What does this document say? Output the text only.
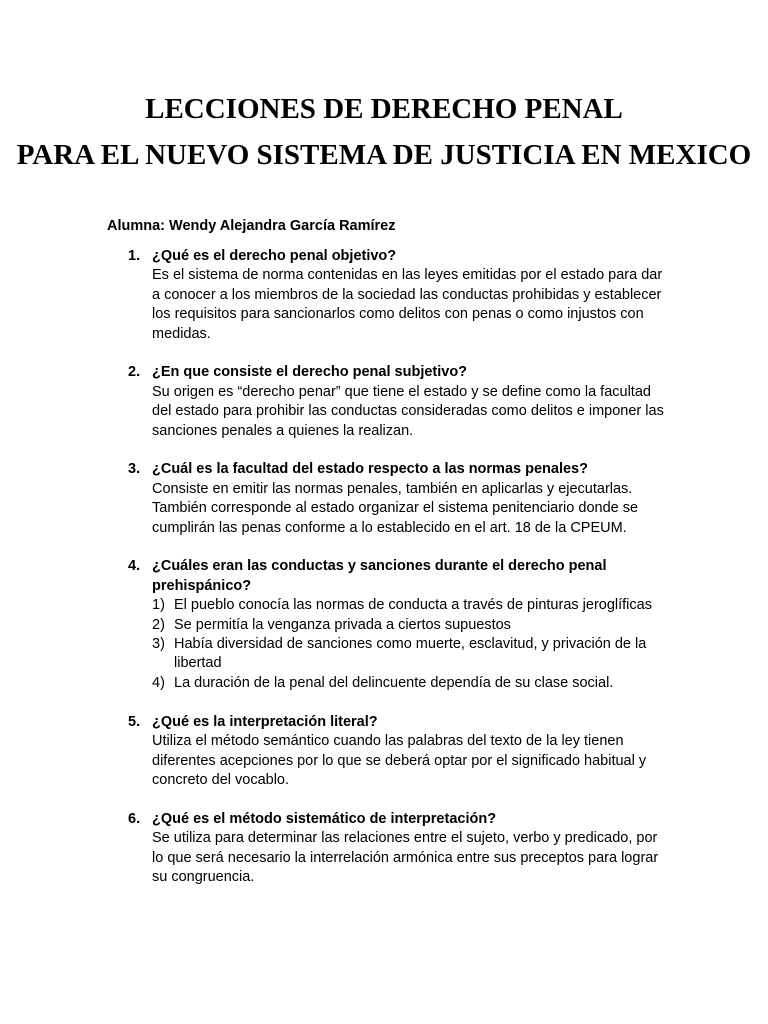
LECCIONES DE DERECHO PENAL
PARA EL NUEVO SISTEMA DE JUSTICIA EN MEXICO
Alumna: Wendy Alejandra García Ramírez
1. ¿Qué es el derecho penal objetivo?
Es el sistema de norma contenidas en las leyes emitidas por el estado para dar a conocer a los miembros de la sociedad las conductas prohibidas y establecer los requisitos para sancionarlos como delitos con penas o como injustos con medidas.
2. ¿En que consiste el derecho penal subjetivo?
Su origen es “derecho penar” que tiene el estado y se define como la facultad del estado para prohibir las conductas consideradas como delitos e imponer las sanciones penales a quienes la realizan.
3. ¿Cuál es la facultad del estado respecto a las normas penales?
Consiste en emitir las normas penales, también en aplicarlas y ejecutarlas. También corresponde al estado organizar el sistema penitenciario donde se cumplirán las penas conforme a lo establecido en el art. 18 de la CPEUM.
4. ¿Cuáles eran las conductas y sanciones durante el derecho penal prehispánico?
1) El pueblo conocía las normas de conducta a través de pinturas jeroglíficas
2) Se permitía la venganza privada a ciertos supuestos
3) Había diversidad de sanciones como muerte, esclavitud, y privación de la libertad
4) La duración de la penal del delincuente dependía de su clase social.
5. ¿Qué es la interpretación literal?
Utiliza el método semántico cuando las palabras del texto de la ley tienen diferentes acepciones por lo que se deberá optar por el significado habitual y concreto del vocablo.
6. ¿Qué es el método sistemático de interpretación?
Se utiliza para determinar las relaciones entre el sujeto, verbo y predicado, por lo que será necesario la interrelación armónica entre sus preceptos para lograr su congruencia.
